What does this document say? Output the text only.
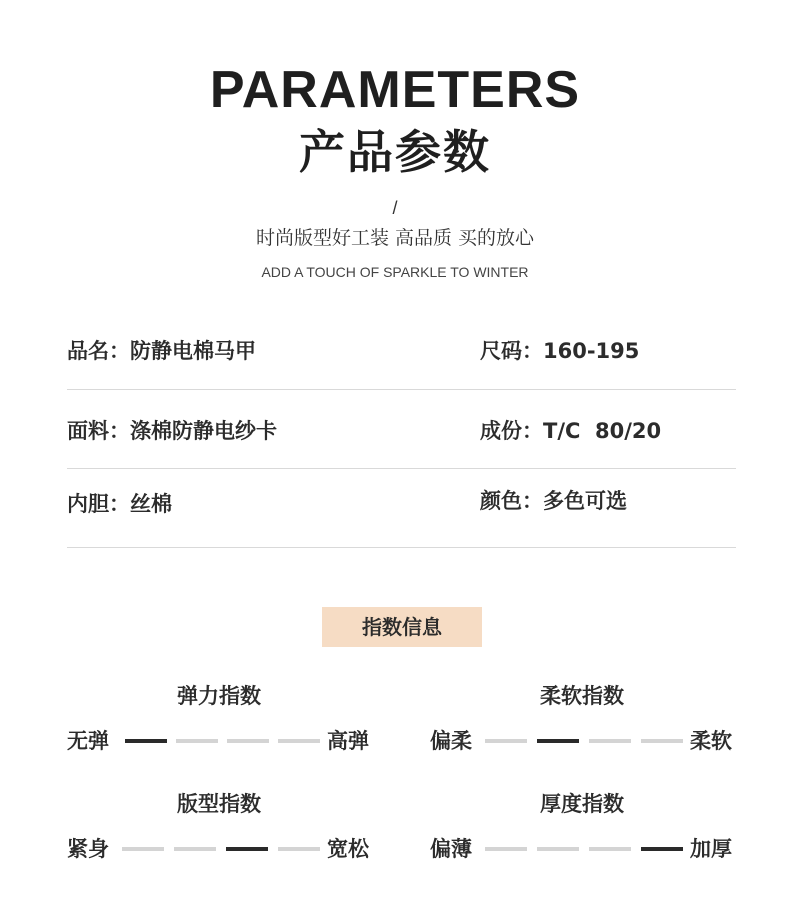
PARAMETERS
产品参数
/
时尚版型好工装 高品质 买的放心
ADD A TOUCH OF SPARKLE TO WINTER
品名：防静电棉马甲	尺码：160-195
面料：涤棉防静电纱卡	成份：T/C  80/20
内胆：丝棉	颜色：多色可选
指数信息
弹力指数
无弹	高弹
柔软指数
偏柔	柔软
版型指数
紧身	宽松
厚度指数
偏薄	加厚
